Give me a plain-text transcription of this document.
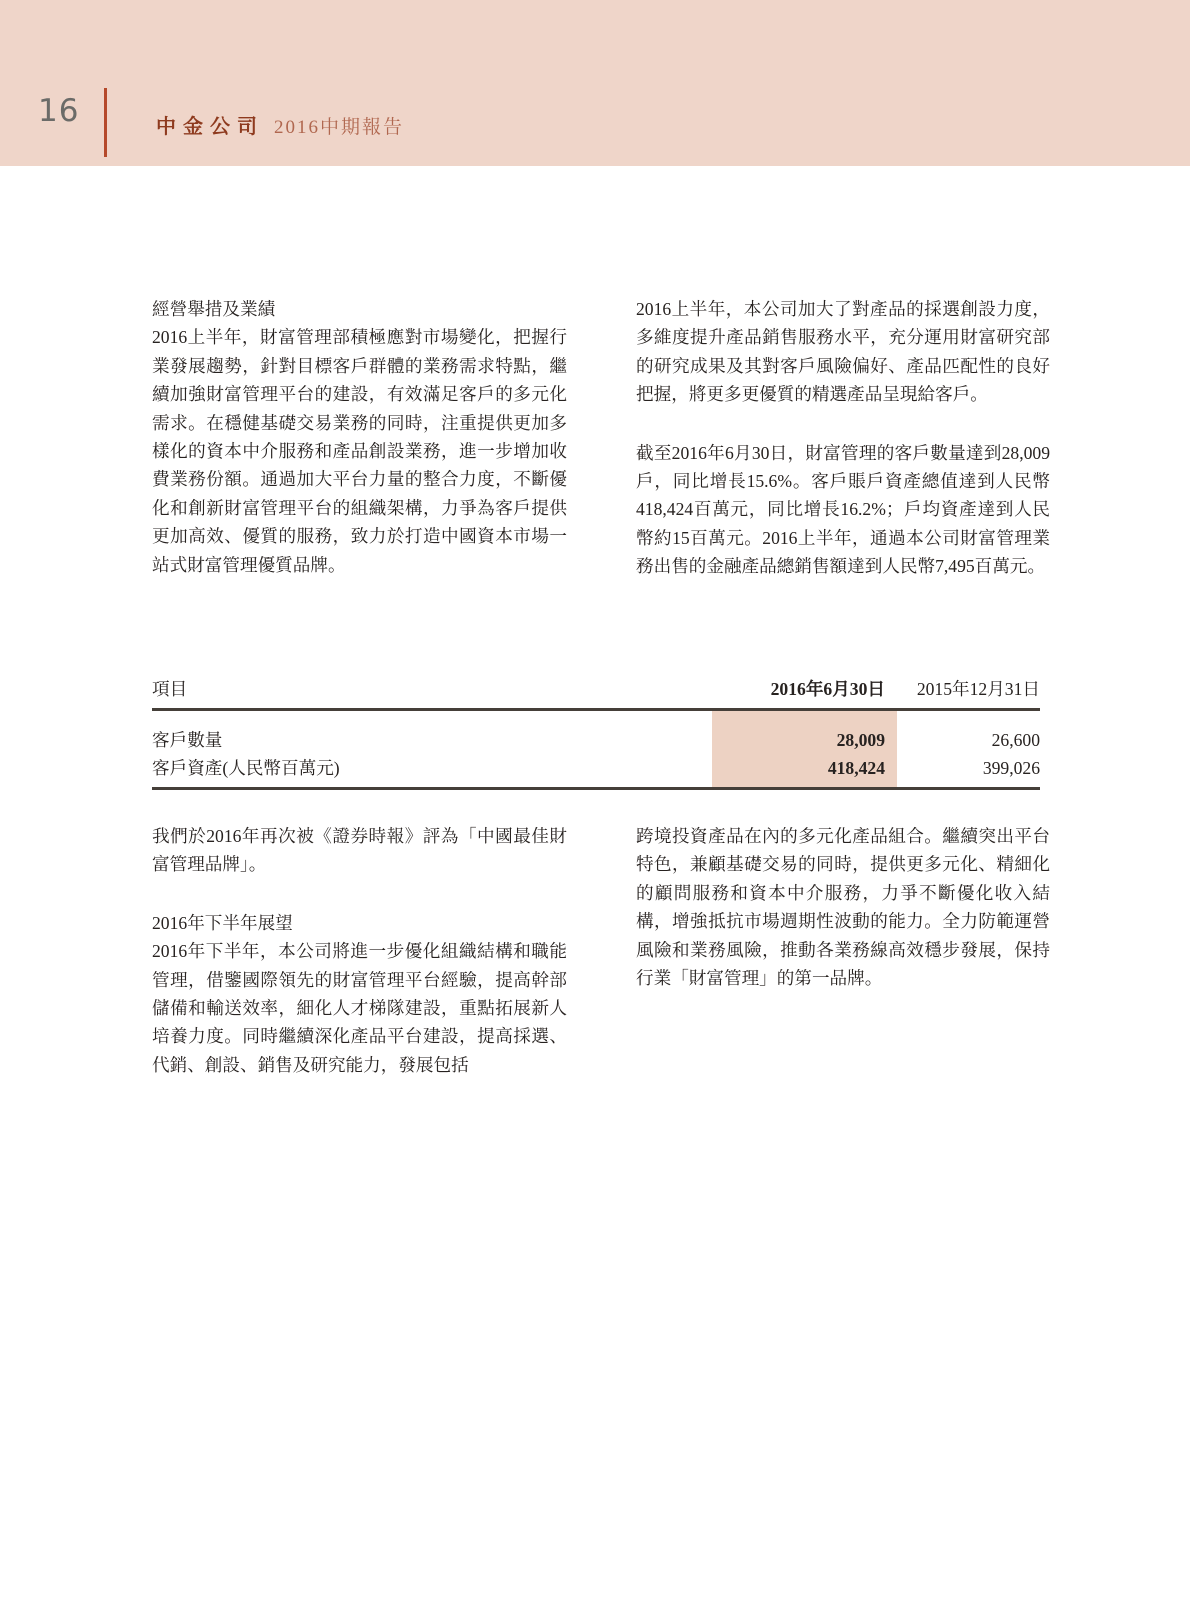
16	中金公司 2016中期報告

經營舉措及業績

2016上半年，財富管理部積極應對市場變化，把握行業發展趨勢，針對目標客戶群體的業務需求特點，繼續加強財富管理平台的建設，有效滿足客戶的多元化需求。在穩健基礎交易業務的同時，注重提供更加多樣化的資本中介服務和產品創設業務，進一步增加收費業務份額。通過加大平台力量的整合力度，不斷優化和創新財富管理平台的組織架構，力爭為客戶提供更加高效、優質的服務，致力於打造中國資本市場一站式財富管理優質品牌。

2016上半年，本公司加大了對產品的採選創設力度，多維度提升產品銷售服務水平，充分運用財富研究部的研究成果及其對客戶風險偏好、產品匹配性的良好把握，將更多更優質的精選產品呈現給客戶。

截至2016年6月30日，財富管理的客戶數量達到28,009戶，同比增長15.6%。客戶賬戶資產總值達到人民幣418,424百萬元，同比增長16.2%；戶均資產達到人民幣約15百萬元。2016上半年，通過本公司財富管理業務出售的金融產品總銷售額達到人民幣7,495百萬元。

項目	2016年6月30日	2015年12月31日
客戶數量	28,009	26,600
客戶資產(人民幣百萬元)	418,424	399,026

我們於2016年再次被《證券時報》評為「中國最佳財富管理品牌」。

2016年下半年展望

2016年下半年，本公司將進一步優化組織結構和職能管理，借鑒國際領先的財富管理平台經驗，提高幹部儲備和輸送效率，細化人才梯隊建設，重點拓展新人培養力度。同時繼續深化產品平台建設，提高採選、代銷、創設、銷售及研究能力，發展包括

跨境投資產品在內的多元化產品組合。繼續突出平台特色，兼顧基礎交易的同時，提供更多元化、精細化的顧問服務和資本中介服務，力爭不斷優化收入結構，增強抵抗市場週期性波動的能力。全力防範運營風險和業務風險，推動各業務線高效穩步發展，保持行業「財富管理」的第一品牌。
